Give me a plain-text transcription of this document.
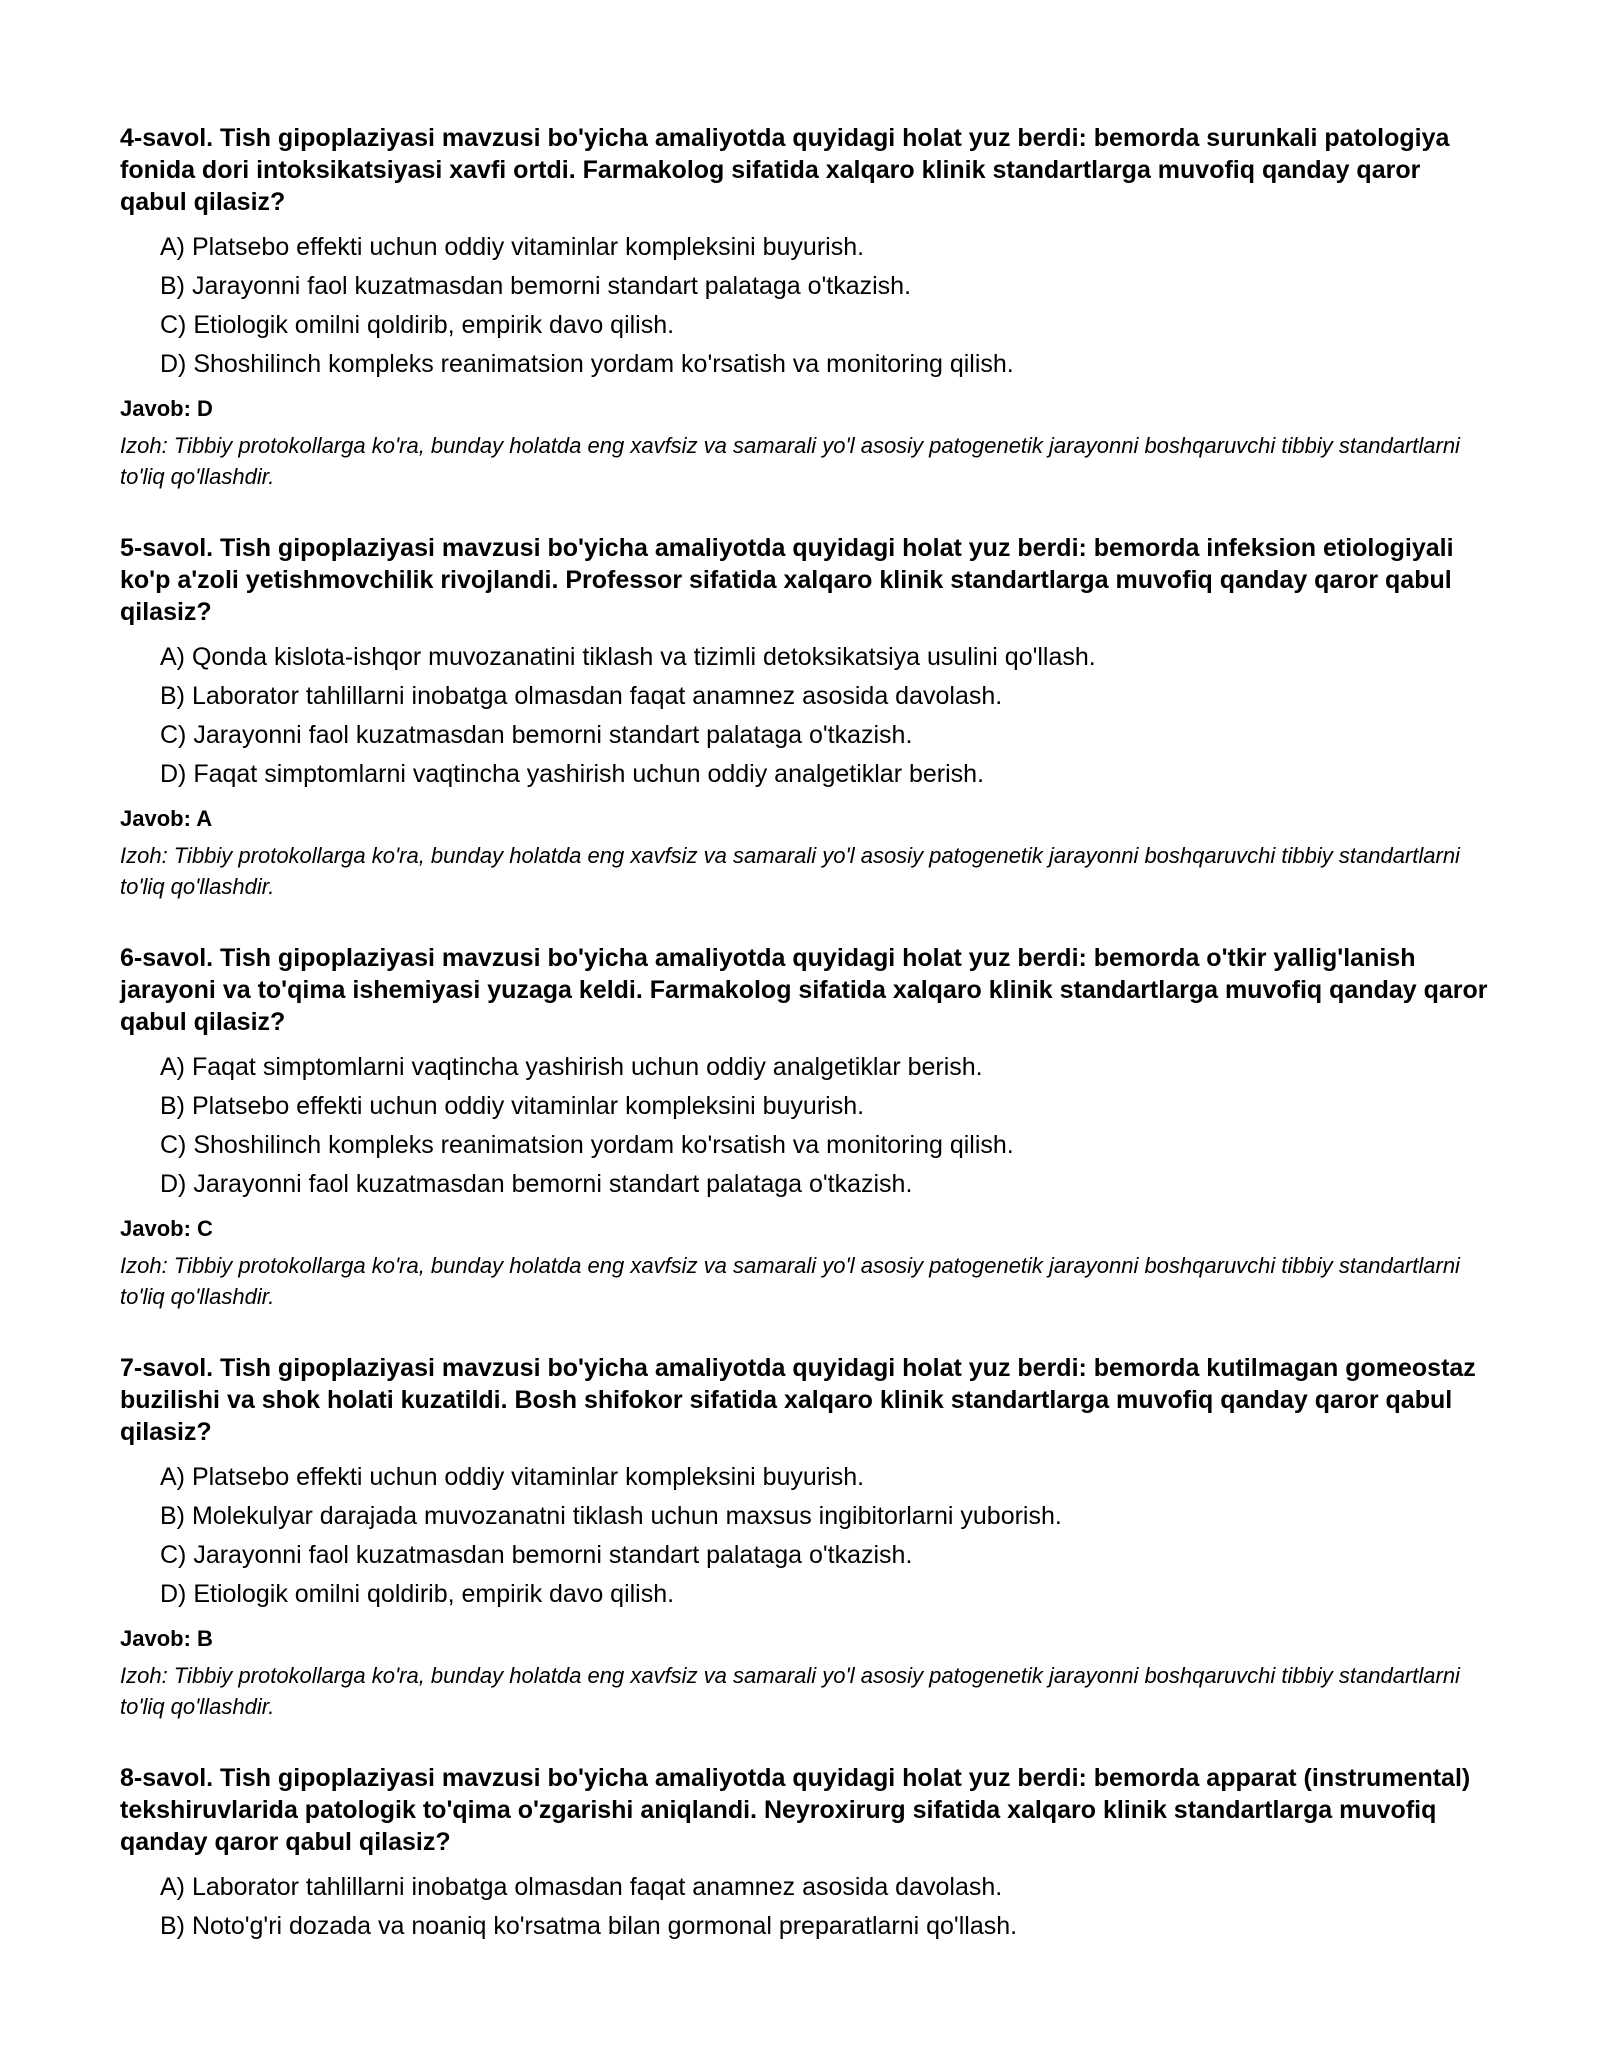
4-savol. Tish gipoplaziyasi mavzusi bo'yicha amaliyotda quyidagi holat yuz berdi: bemorda surunkali patologiya fonida dori intoksikatsiyasi xavfi ortdi. Farmakolog sifatida xalqaro klinik standartlarga muvofiq qanday qaror qabul qilasiz?

A) Platsebo effekti uchun oddiy vitaminlar kompleksini buyurish.
B) Jarayonni faol kuzatmasdan bemorni standart palataga o'tkazish.
C) Etiologik omilni qoldirib, empirik davo qilish.
D) Shoshilinch kompleks reanimatsion yordam ko'rsatish va monitoring qilish.

Javob: D

Izoh: Tibbiy protokollarga ko'ra, bunday holatda eng xavfsiz va samarali yo'l asosiy patogenetik jarayonni boshqaruvchi tibbiy standartlarni to'liq qo'llashdir.

5-savol. Tish gipoplaziyasi mavzusi bo'yicha amaliyotda quyidagi holat yuz berdi: bemorda infeksion etiologiyali ko'p a'zoli yetishmovchilik rivojlandi. Professor sifatida xalqaro klinik standartlarga muvofiq qanday qaror qabul qilasiz?

A) Qonda kislota-ishqor muvozanatini tiklash va tizimli detoksikatsiya usulini qo'llash.
B) Laborator tahlillarni inobatga olmasdan faqat anamnez asosida davolash.
C) Jarayonni faol kuzatmasdan bemorni standart palataga o'tkazish.
D) Faqat simptomlarni vaqtincha yashirish uchun oddiy analgetiklar berish.

Javob: A

Izoh: Tibbiy protokollarga ko'ra, bunday holatda eng xavfsiz va samarali yo'l asosiy patogenetik jarayonni boshqaruvchi tibbiy standartlarni to'liq qo'llashdir.

6-savol. Tish gipoplaziyasi mavzusi bo'yicha amaliyotda quyidagi holat yuz berdi: bemorda o'tkir yallig'lanish jarayoni va to'qima ishemiyasi yuzaga keldi. Farmakolog sifatida xalqaro klinik standartlarga muvofiq qanday qaror qabul qilasiz?

A) Faqat simptomlarni vaqtincha yashirish uchun oddiy analgetiklar berish.
B) Platsebo effekti uchun oddiy vitaminlar kompleksini buyurish.
C) Shoshilinch kompleks reanimatsion yordam ko'rsatish va monitoring qilish.
D) Jarayonni faol kuzatmasdan bemorni standart palataga o'tkazish.

Javob: C

Izoh: Tibbiy protokollarga ko'ra, bunday holatda eng xavfsiz va samarali yo'l asosiy patogenetik jarayonni boshqaruvchi tibbiy standartlarni to'liq qo'llashdir.

7-savol. Tish gipoplaziyasi mavzusi bo'yicha amaliyotda quyidagi holat yuz berdi: bemorda kutilmagan gomeostaz buzilishi va shok holati kuzatildi. Bosh shifokor sifatida xalqaro klinik standartlarga muvofiq qanday qaror qabul qilasiz?

A) Platsebo effekti uchun oddiy vitaminlar kompleksini buyurish.
B) Molekulyar darajada muvozanatni tiklash uchun maxsus ingibitorlarni yuborish.
C) Jarayonni faol kuzatmasdan bemorni standart palataga o'tkazish.
D) Etiologik omilni qoldirib, empirik davo qilish.

Javob: B

Izoh: Tibbiy protokollarga ko'ra, bunday holatda eng xavfsiz va samarali yo'l asosiy patogenetik jarayonni boshqaruvchi tibbiy standartlarni to'liq qo'llashdir.

8-savol. Tish gipoplaziyasi mavzusi bo'yicha amaliyotda quyidagi holat yuz berdi: bemorda apparat (instrumental) tekshiruvlarida patologik to'qima o'zgarishi aniqlandi. Neyroxirurg sifatida xalqaro klinik standartlarga muvofiq qanday qaror qabul qilasiz?

A) Laborator tahlillarni inobatga olmasdan faqat anamnez asosida davolash.
B) Noto'g'ri dozada va noaniq ko'rsatma bilan gormonal preparatlarni qo'llash.
